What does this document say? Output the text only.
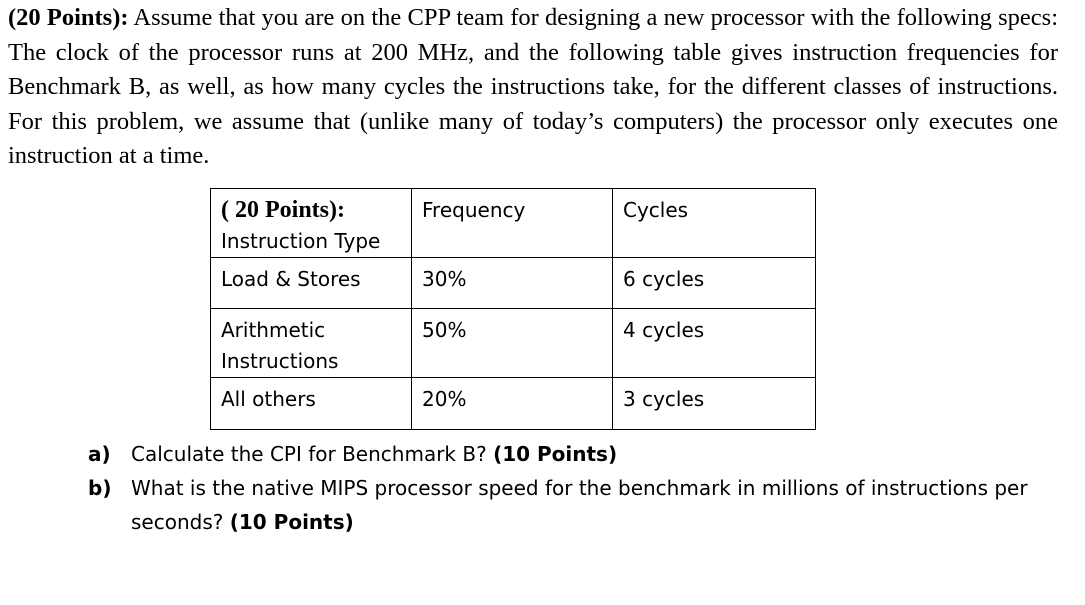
(20 Points): Assume that you are on the CPP team for designing a new processor with the following specs: The clock of the processor runs at 200 MHz, and the following table gives instruction frequencies for Benchmark B, as well, as how many cycles the instructions take, for the different classes of instructions. For this problem, we assume that (unlike many of today’s computers) the processor only executes one instruction at a time.

( 20 Points):
Instruction Type	Frequency	Cycles

Load & Stores	30%	6 cycles

Arithmetic
Instructions	50%	4 cycles

All others	20%	3 cycles
a)	Calculate the CPI for Benchmark B? (10 Points)
b) What is the native MIPS processor speed for the benchmark in millions of instructions per seconds? (10 Points)
